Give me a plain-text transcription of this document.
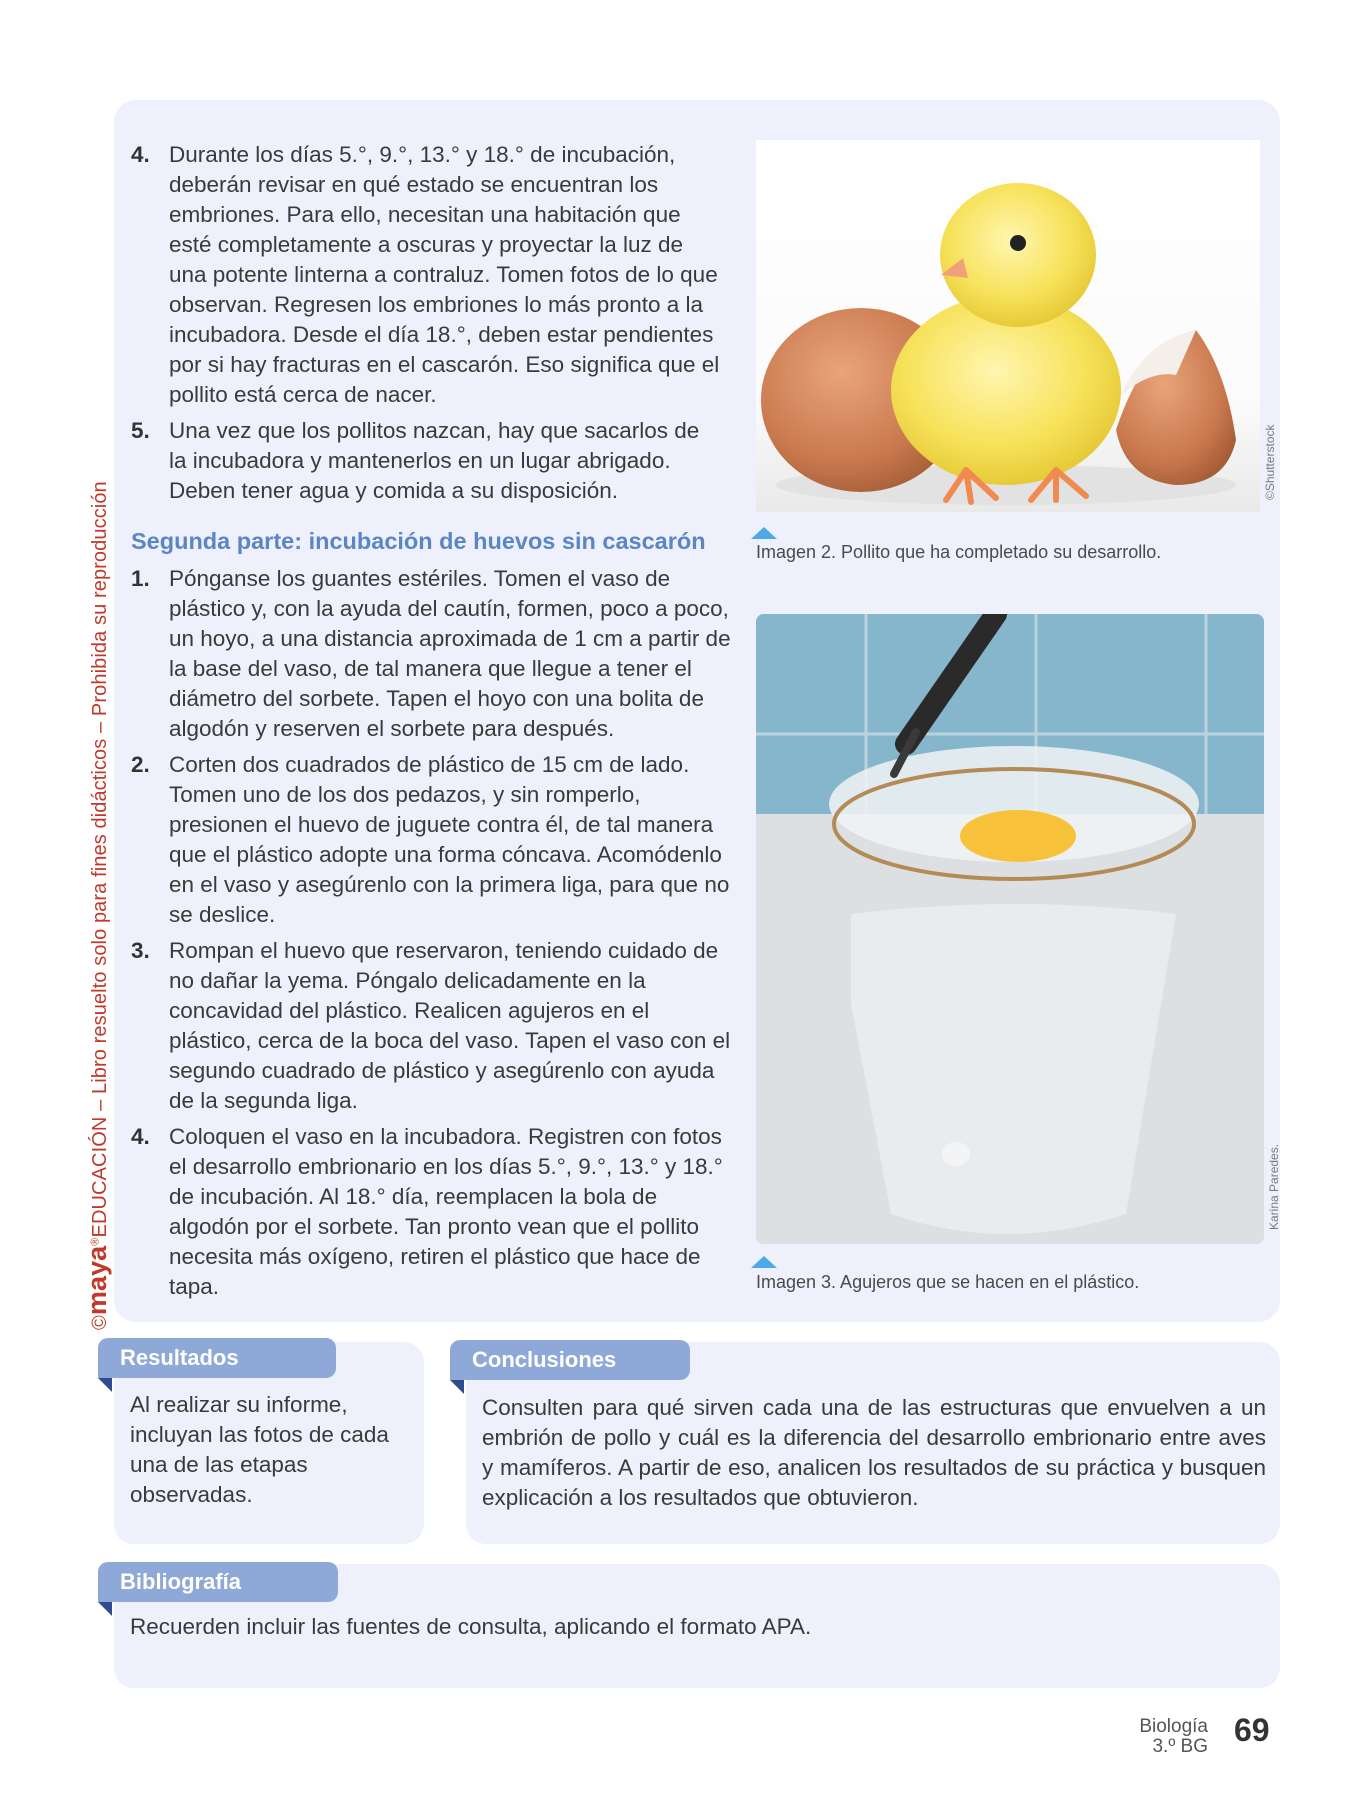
©maya®EDUCACIÓN – Libro resuelto solo para fines didácticos – Prohibida su reproducción
4. Durante los días 5.°, 9.°, 13.° y 18.° de incubación, deberán revisar en qué estado se encuentran los embriones. Para ello, necesitan una habitación que esté completamente a oscuras y proyectar la luz de una potente linterna a contraluz. Tomen fotos de lo que observan. Regresen los embriones lo más pronto a la incubadora. Desde el día 18.°, deben estar pendientes por si hay fracturas en el cascarón. Eso significa que el pollito está cerca de nacer.
5. Una vez que los pollitos nazcan, hay que sacarlos de la incubadora y mantenerlos en un lugar abrigado. Deben tener agua y comida a su disposición.
Segunda parte: incubación de huevos sin cascarón
1. Pónganse los guantes estériles. Tomen el vaso de plástico y, con la ayuda del cautín, formen, poco a poco, un hoyo, a una distancia aproximada de 1 cm a partir de la base del vaso, de tal manera que llegue a tener el diámetro del sorbete. Tapen el hoyo con una bolita de algodón y reserven el sorbete para después.
2. Corten dos cuadrados de plástico de 15 cm de lado. Tomen uno de los dos pedazos, y sin romperlo, presionen el huevo de juguete contra él, de tal manera que el plástico adopte una forma cóncava. Acomódenlo en el vaso y asegúrenlo con la primera liga, para que no se deslice.
3. Rompan el huevo que reservaron, teniendo cuidado de no dañar la yema. Póngalo delicadamente en la concavidad del plástico. Realicen agujeros en el plástico, cerca de la boca del vaso. Tapen el vaso con el segundo cuadrado de plástico y asegúrenlo con ayuda de la segunda liga.
4. Coloquen el vaso en la incubadora. Registren con fotos el desarrollo embrionario en los días 5.°, 9.°, 13.° y 18.° de incubación. Al 18.° día, reemplacen la bola de algodón por el sorbete. Tan pronto vean que el pollito necesita más oxígeno, retiren el plástico que hace de tapa.
©Shutterstock
Imagen 2. Pollito que ha completado su desarrollo.
Karina Paredes.
Imagen 3. Agujeros que se hacen en el plástico.
Resultados
Al realizar su informe, incluyan las fotos de cada una de las etapas observadas.
Conclusiones
Consulten para qué sirven cada una de las estructuras que envuelven a un embrión de pollo y cuál es la diferencia del desarrollo embrionario entre aves y mamíferos. A partir de eso, analicen los resultados de su práctica y busquen explicación a los resultados que obtuvieron.
Bibliografía
Recuerden incluir las fuentes de consulta, aplicando el formato APA.
Biología
3.º BG 69
